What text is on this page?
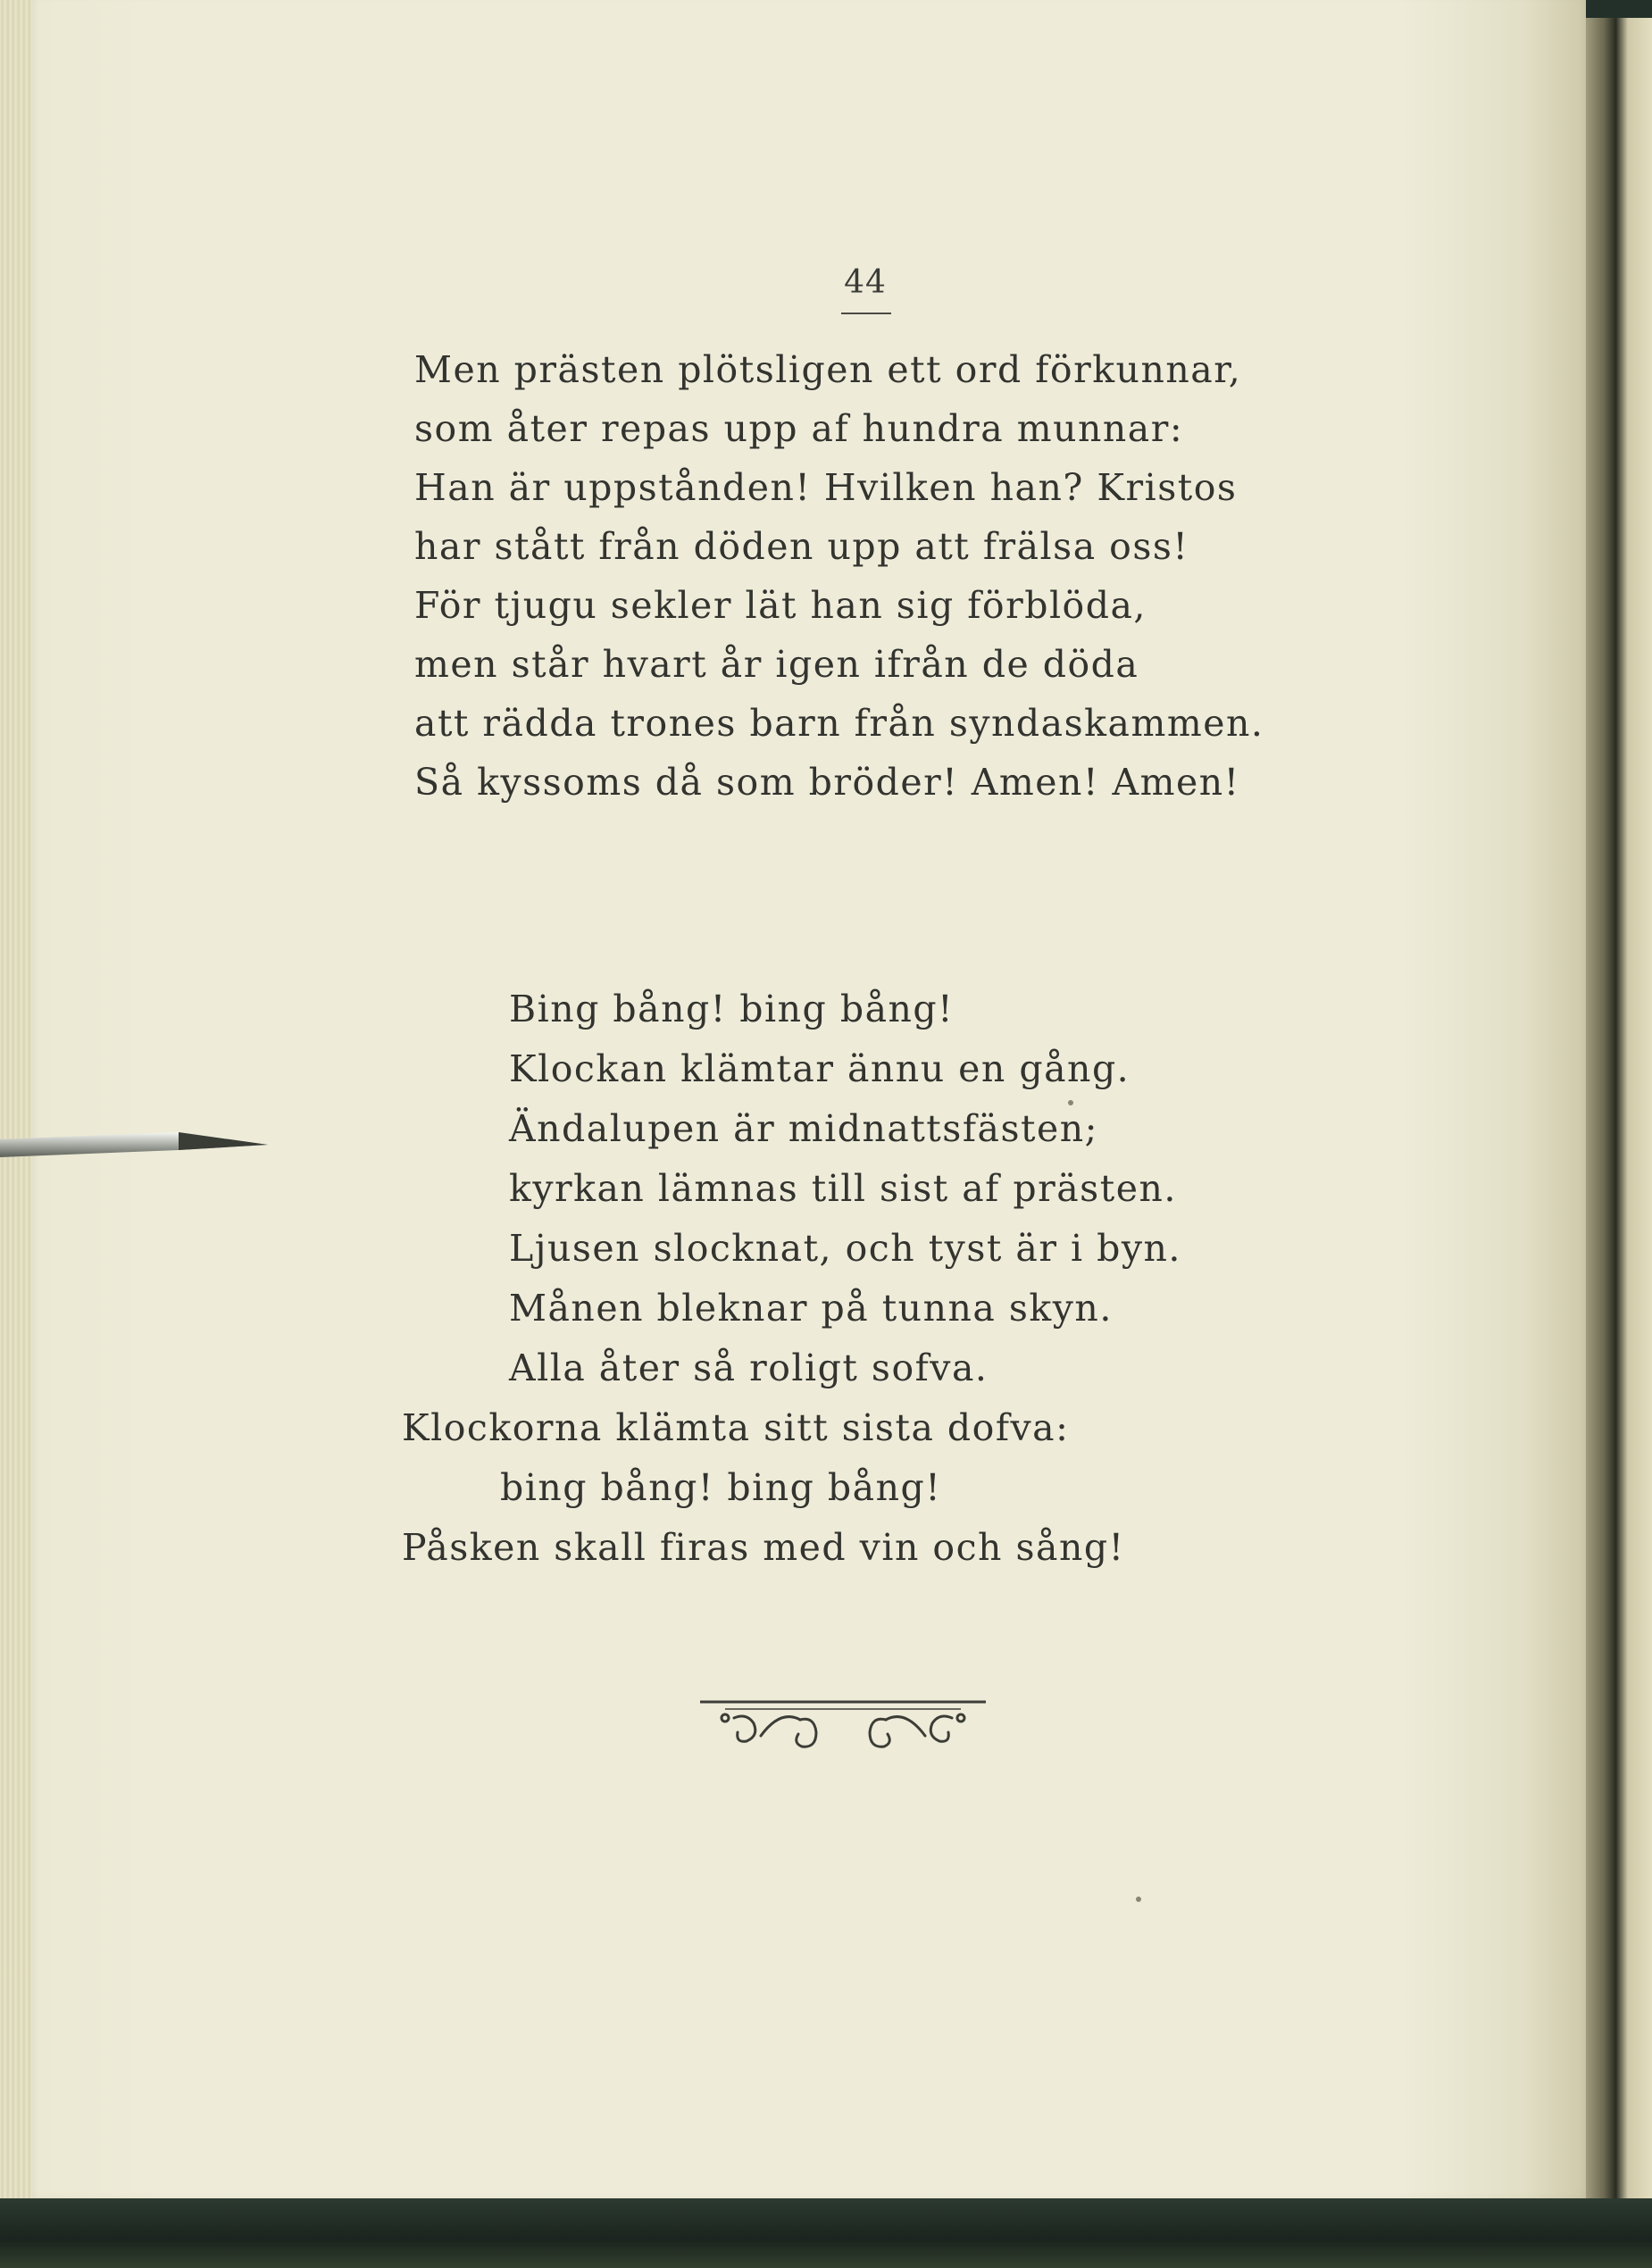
44
Men prästen plötsligen ett ord förkunnar,
som åter repas upp af hundra munnar:
Han är uppstånden! Hvilken han? Kristos
har stått från döden upp att frälsa oss!
För tjugu sekler lät han sig förblöda,
men står hvart år igen ifrån de döda
att rädda trones barn från syndaskammen.
Så kyssoms då som bröder! Amen! Amen!
Bing bång! bing bång!
Klockan klämtar ännu en gång.
Ändalupen är midnattsfästen;
kyrkan lämnas till sist af prästen.
Ljusen slocknat, och tyst är i byn.
Månen bleknar på tunna skyn.
Alla åter så roligt sofva.
Klockorna klämta sitt sista dofva:
bing bång! bing bång!
Påsken skall firas med vin och sång!
